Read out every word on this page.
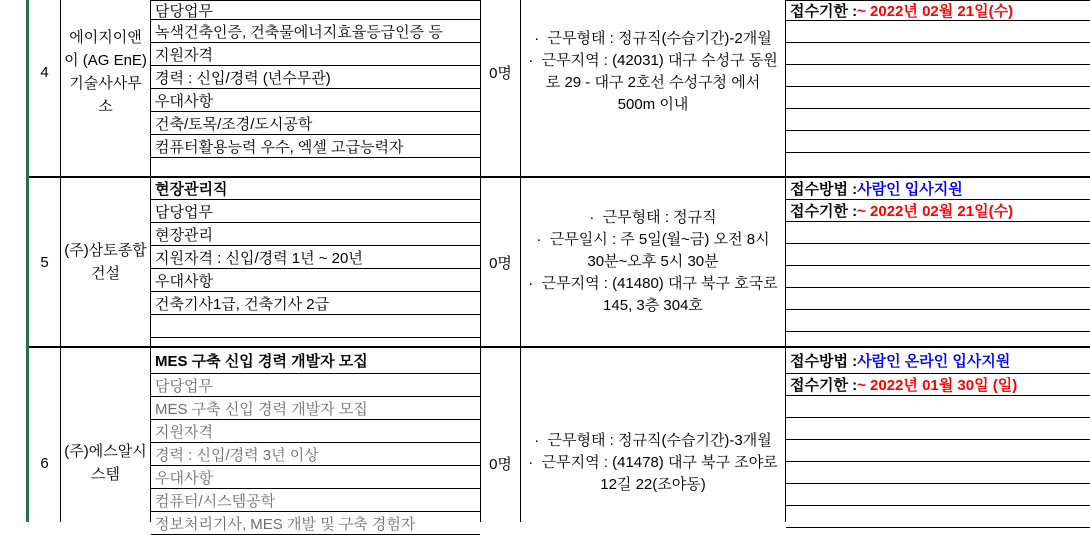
4
에이지이앤이 (AG EnE) 기술사사무소
담당업무
녹색건축인증, 건축물에너지효율등급인증 등
지원자격
경력 : 신입/경력 (년수무관)
우대사항
건축/토목/조경/도시공학
컴퓨터활용능력 우수, 엑셀 고급능력자
0명
·  근무형태 : 정규직(수습기간)-2개월
·  근무지역 : (42031) 대구 수성구 동원로 29 - 대구 2호선 수성구청 에서 500m 이내
접수기한 : ~ 2022년 02월 21일(수)
5
(주)삼토종합건설
현장관리직
담당업무
현장관리
지원자격 : 신입/경력 1년 ~ 20년
우대사항
건축기사1급, 건축기사 2급
0명
·  근무형태 : 정규직
·  근무일시 : 주 5일(월~금) 오전 8시 30분~오후 5시 30분
·  근무지역 : (41480) 대구 북구 호국로 145, 3층 304호
접수방법 : 사람인 입사지원
접수기한 : ~ 2022년 02월 21일(수)
6
(주)에스알시스템
MES 구축 신입 경력 개발자 모집
담당업무
MES 구축 신입 경력 개발자 모집
지원자격
경력 : 신입/경력 3년 이상
우대사항
컴퓨터/시스템공학
정보처리기사, MES 개발 및 구축 경험자
0명
·  근무형태 : 정규직(수습기간)-3개월
·  근무지역 : (41478) 대구 북구 조야로12길 22(조야동)
접수방법 : 사람인 온라인 입사지원
접수기한 : ~ 2022년 01월 30일 (일)
